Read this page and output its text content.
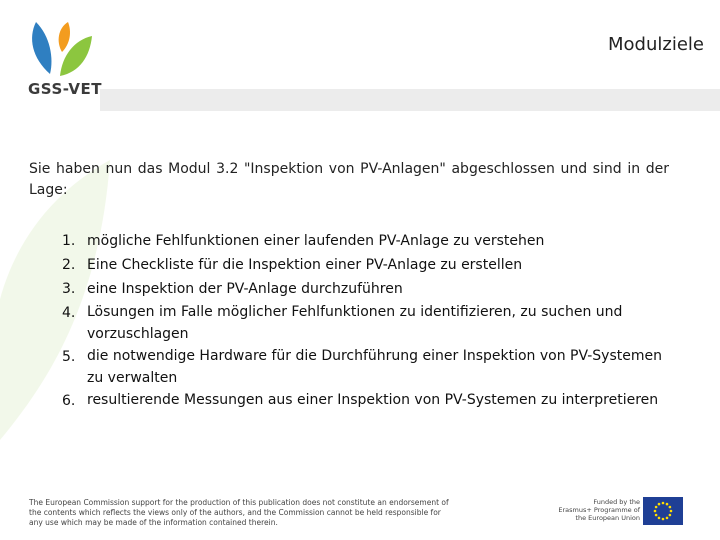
GSS-VET
Modulziele

Sie haben nun das Modul 3.2 "Inspektion von PV-Anlagen" abgeschlossen und sind in der Lage:

1. mögliche Fehlfunktionen einer laufenden PV-Anlage zu verstehen
2. Eine Checkliste für die Inspektion einer PV-Anlage zu erstellen
3. eine Inspektion der PV-Anlage durchzuführen
4. Lösungen im Falle möglicher Fehlfunktionen zu identifizieren, zu suchen und vorzuschlagen
5. die notwendige Hardware für die Durchführung einer Inspektion von PV-Systemen zu verwalten
6. resultierende Messungen aus einer Inspektion von PV-Systemen zu interpretieren

The European Commission support for the production of this publication does not constitute an endorsement of the contents which reflects the views only of the authors, and the Commission cannot be held responsible for any use which may be made of the information contained therein.

Funded by the Erasmus+ Programme of the European Union
